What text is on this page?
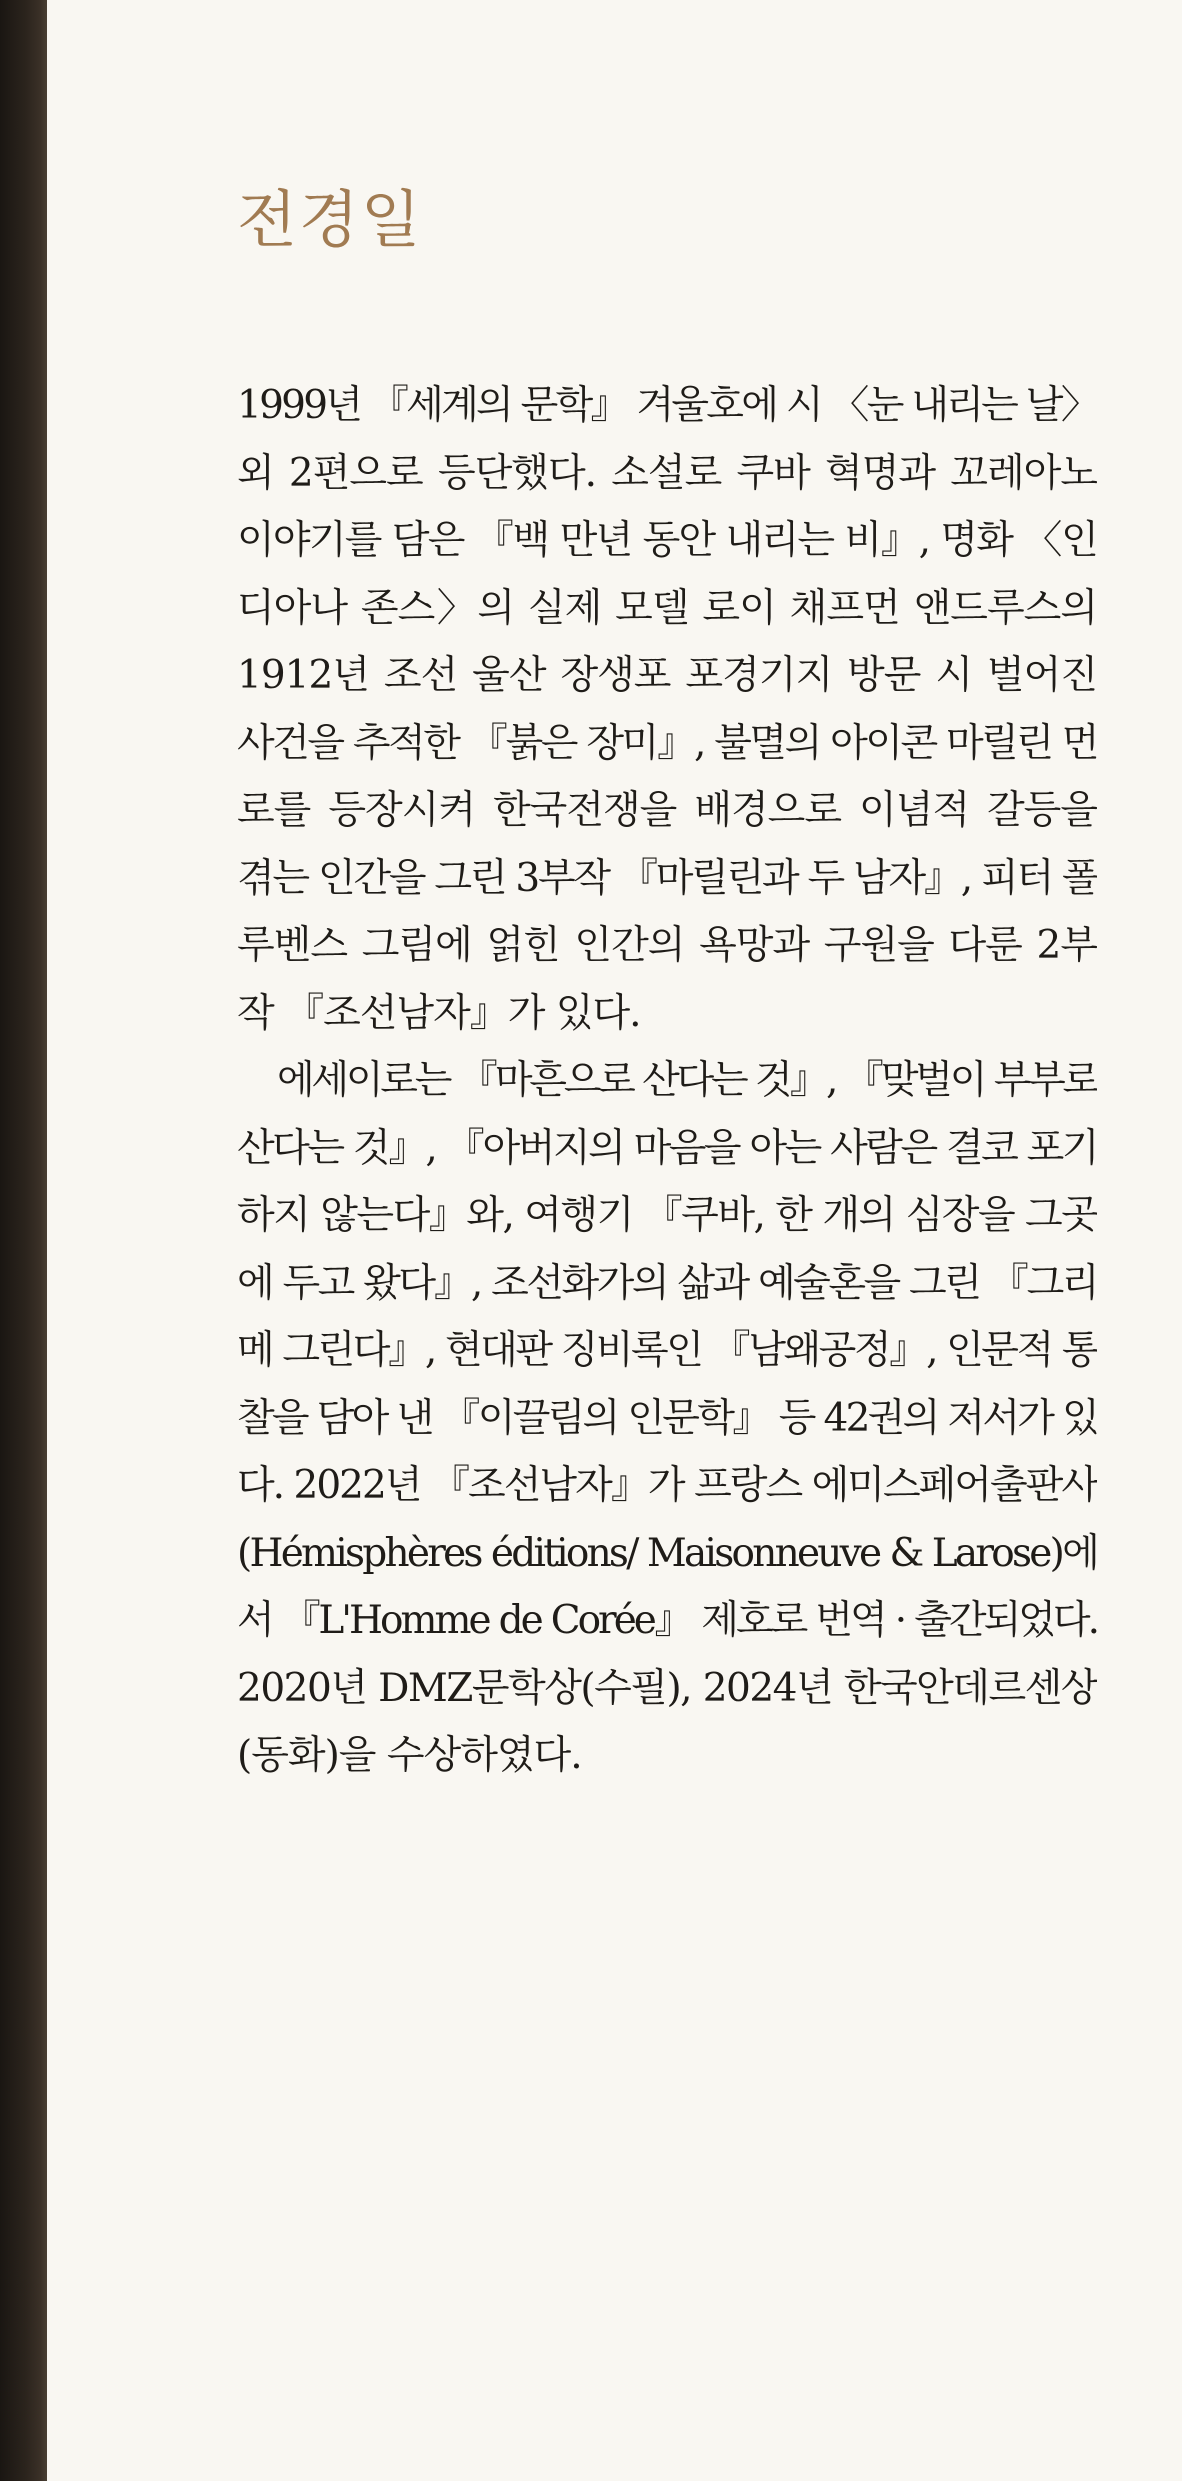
전경일
1999년 『세계의 문학』 겨울호에 시 〈눈 내리는 날〉
외 2편으로 등단했다. 소설로 쿠바 혁명과 꼬레아노
이야기를 담은 『백 만년 동안 내리는 비』, 명화 〈인
디아나 존스〉의 실제 모델 로이 채프먼 앤드루스의
1912년 조선 울산 장생포 포경기지 방문 시 벌어진
사건을 추적한 『붉은 장미』, 불멸의 아이콘 마릴린 먼
로를 등장시켜 한국전쟁을 배경으로 이념적 갈등을
겪는 인간을 그린 3부작 『마릴린과 두 남자』, 피터 폴
루벤스 그림에 얽힌 인간의 욕망과 구원을 다룬 2부
작 『조선남자』가 있다.
에세이로는 『마흔으로 산다는 것』, 『맞벌이 부부로
산다는 것』, 『아버지의 마음을 아는 사람은 결코 포기
하지 않는다』와, 여행기 『쿠바, 한 개의 심장을 그곳
에 두고 왔다』, 조선화가의 삶과 예술혼을 그린 『그리
메 그린다』, 현대판 징비록인 『남왜공정』, 인문적 통
찰을 담아 낸 『이끌림의 인문학』 등 42권의 저서가 있
다. 2022년 『조선남자』가 프랑스 에미스페어출판사
(Hémisphères éditions/ Maisonneuve & Larose)에
서 『L'Homme de Corée』 제호로 번역 · 출간되었다.
2020년 DMZ문학상(수필), 2024년 한국안데르센상
(동화)을 수상하였다.
